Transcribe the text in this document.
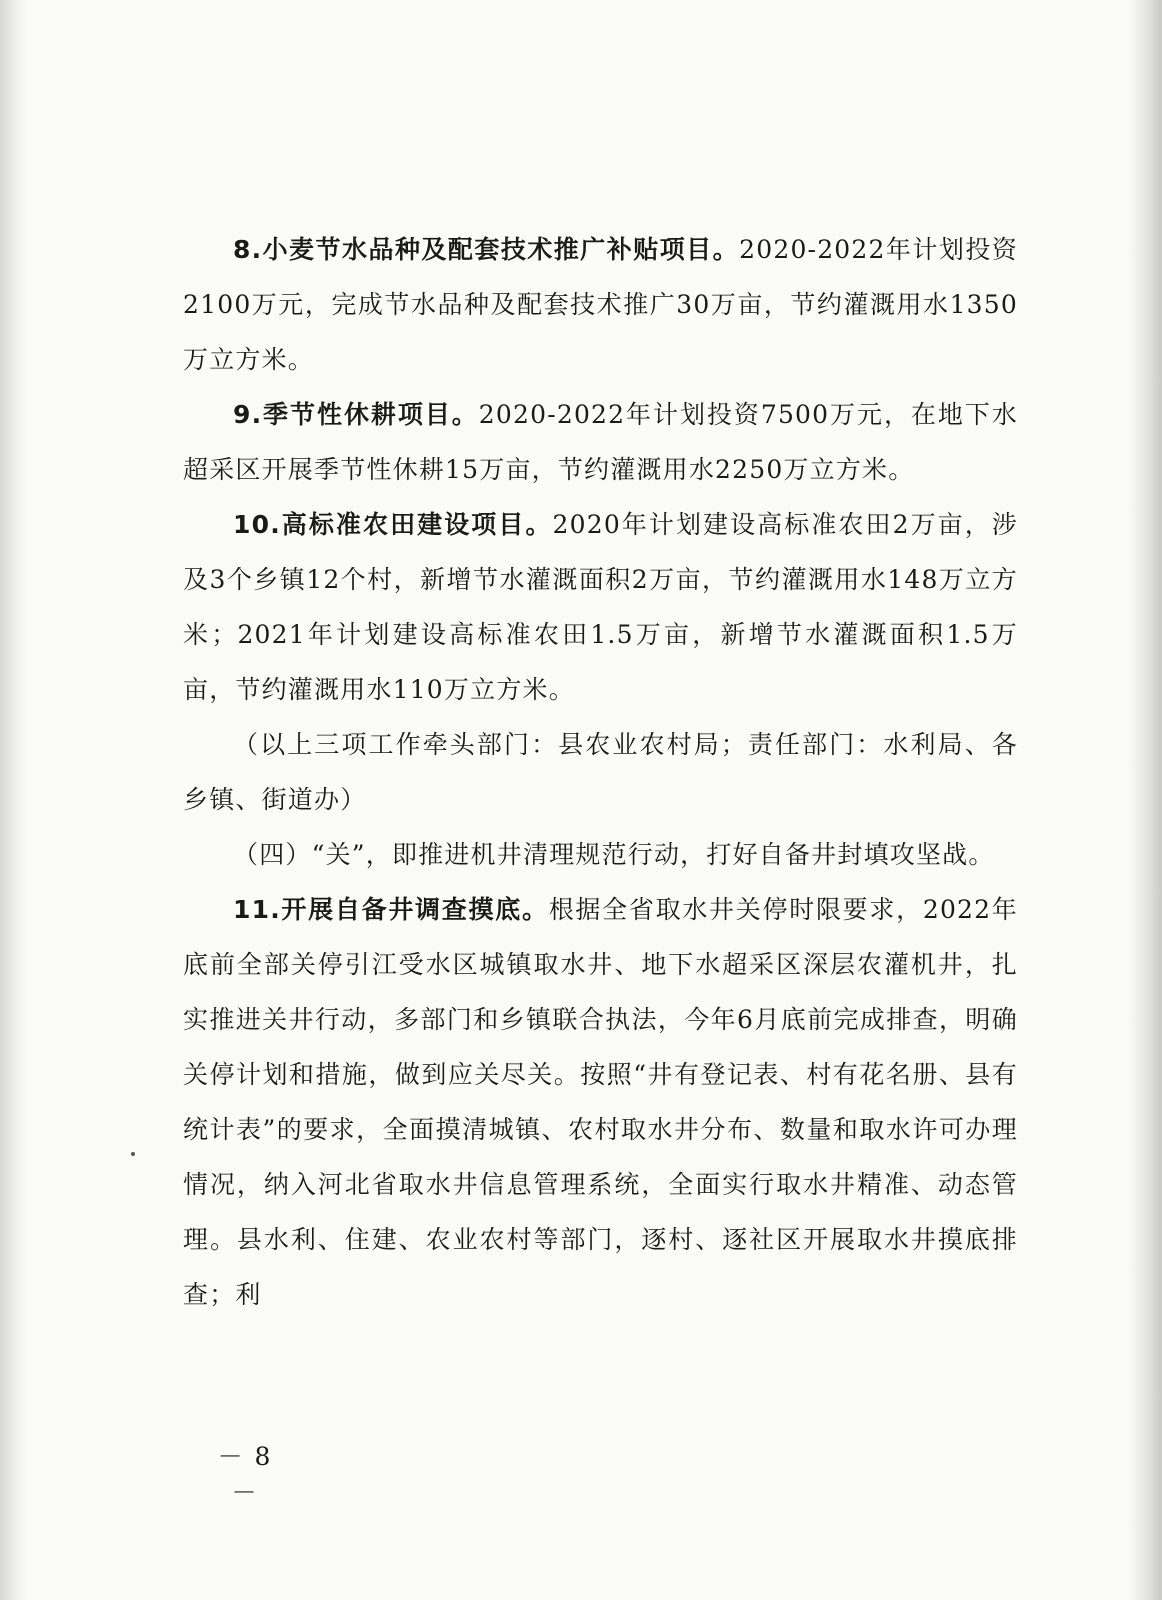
8.小麦节水品种及配套技术推广补贴项目。2020-2022年计划投资2100万元，完成节水品种及配套技术推广30万亩，节约灌溉用水1350万立方米。

9.季节性休耕项目。2020-2022年计划投资7500万元，在地下水超采区开展季节性休耕15万亩，节约灌溉用水2250万立方米。

10.高标准农田建设项目。2020年计划建设高标准农田2万亩，涉及3个乡镇12个村，新增节水灌溉面积2万亩，节约灌溉用水148万立方米；2021年计划建设高标准农田1.5万亩，新增节水灌溉面积1.5万亩，节约灌溉用水110万立方米。

（以上三项工作牵头部门：县农业农村局；责任部门：水利局、各乡镇、街道办）

（四）“关”，即推进机井清理规范行动，打好自备井封填攻坚战。

11.开展自备井调查摸底。根据全省取水井关停时限要求，2022年底前全部关停引江受水区城镇取水井、地下水超采区深层农灌机井，扎实推进关井行动，多部门和乡镇联合执法，今年6月底前完成排查，明确关停计划和措施，做到应关尽关。按照“井有登记表、村有花名册、县有统计表”的要求，全面摸清城镇、农村取水井分布、数量和取水许可办理情况，纳入河北省取水井信息管理系统，全面实行取水井精准、动态管理。县水利、住建、农业农村等部门，逐村、逐社区开展取水井摸底排查；利

－ 8 －
